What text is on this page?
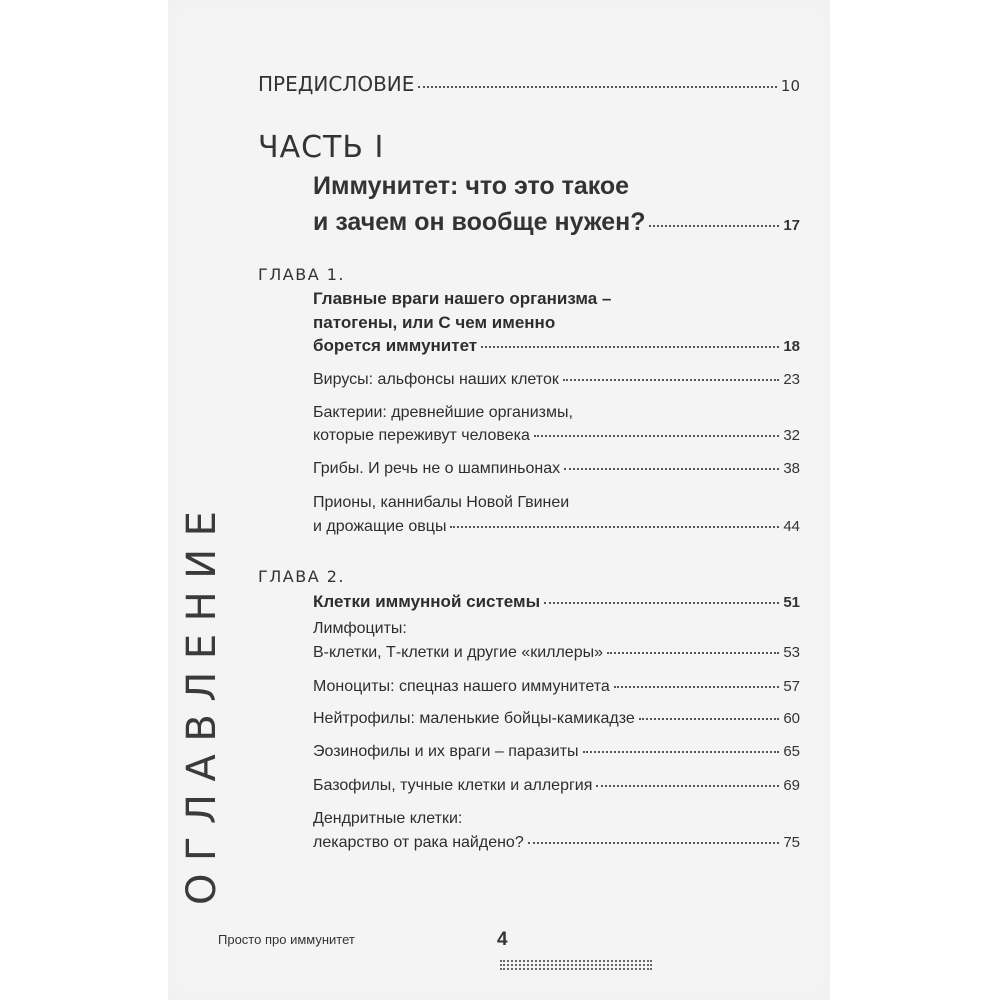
ОГЛАВЛЕНИЕ
ПРЕДИСЛОВИЕ	10
ЧАСТЬ I
Иммунитет: что это такое
и зачем он вообще нужен?	17
ГЛАВА 1.
Главные враги нашего организма –
патогены, или С чем именно
борется иммунитет	18
Вирусы: альфонсы наших клеток	23
Бактерии: древнейшие организмы,
которые переживут человека	32
Грибы. И речь не о шампиньонах	38
Прионы, каннибалы Новой Гвинеи
и дрожащие овцы	44
ГЛАВА 2.
Клетки иммунной системы	51
Лимфоциты:
В-клетки, Т-клетки и другие «киллеры»	53
Моноциты: спецназ нашего иммунитета	57
Нейтрофилы: маленькие бойцы-камикадзе	60
Эозинофилы и их враги – паразиты	65
Базофилы, тучные клетки и аллергия	69
Дендритные клетки:
лекарство от рака найдено?	75
Просто про иммунитет	4
